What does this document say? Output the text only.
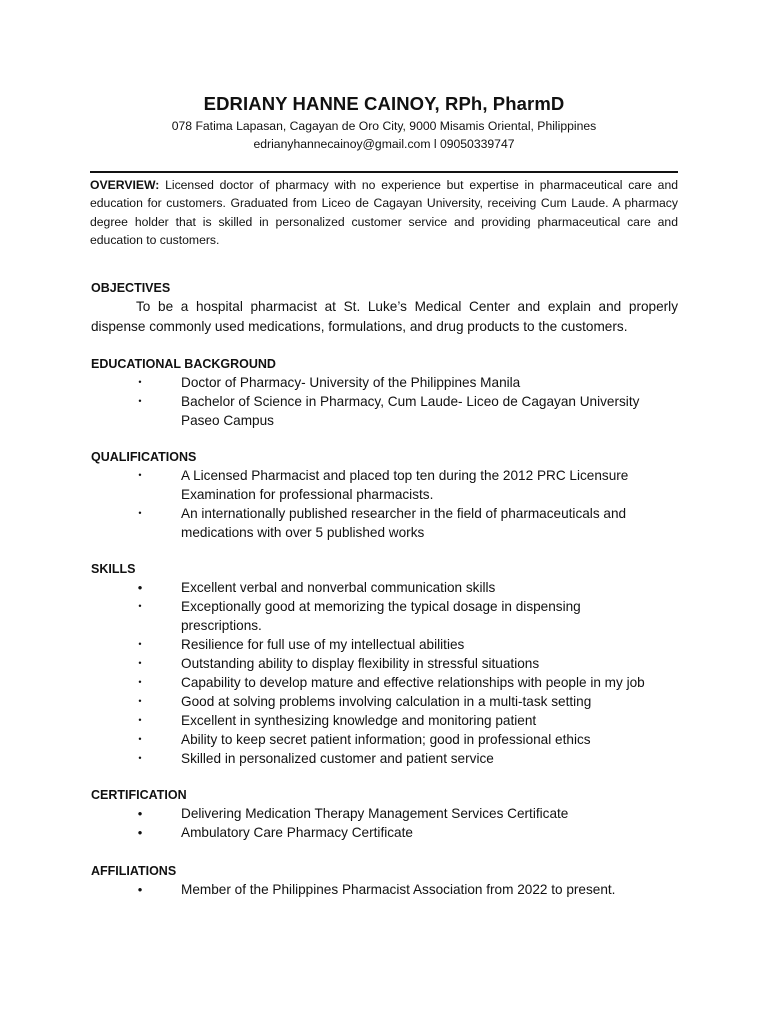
EDRIANY HANNE CAINOY, RPh, PharmD
078 Fatima Lapasan, Cagayan de Oro City, 9000 Misamis Oriental, Philippines
edrianyhannecainoy@gmail.com l 09050339747
OVERVIEW: Licensed doctor of pharmacy with no experience but expertise in pharmaceutical care and education for customers. Graduated from Liceo de Cagayan University, receiving Cum Laude. A pharmacy degree holder that is skilled in personalized customer service and providing pharmaceutical care and education to customers.
OBJECTIVES
To be a hospital pharmacist at St. Luke’s Medical Center and explain and properly dispense commonly used medications, formulations, and drug products to the customers.
EDUCATIONAL BACKGROUND
•	Doctor of Pharmacy- University of the Philippines Manila
•	Bachelor of Science in Pharmacy, Cum Laude- Liceo de Cagayan University Paseo Campus
QUALIFICATIONS
•	A Licensed Pharmacist and placed top ten during the 2012 PRC Licensure Examination for professional pharmacists.
•	An internationally published researcher in the field of pharmaceuticals and medications with over 5 published works
SKILLS
•	Excellent verbal and nonverbal communication skills
•	Exceptionally good at memorizing the typical dosage in dispensing prescriptions.
•	Resilience for full use of my intellectual abilities
•	Outstanding ability to display flexibility in stressful situations
•	Capability to develop mature and effective relationships with people in my job
•	Good at solving problems involving calculation in a multi-task setting
•	Excellent in synthesizing knowledge and monitoring patient
•	Ability to keep secret patient information; good in professional ethics
•	Skilled in personalized customer and patient service
CERTIFICATION
•	Delivering Medication Therapy Management Services Certificate
•	Ambulatory Care Pharmacy Certificate
AFFILIATIONS
•	Member of the Philippines Pharmacist Association from 2022 to present.
